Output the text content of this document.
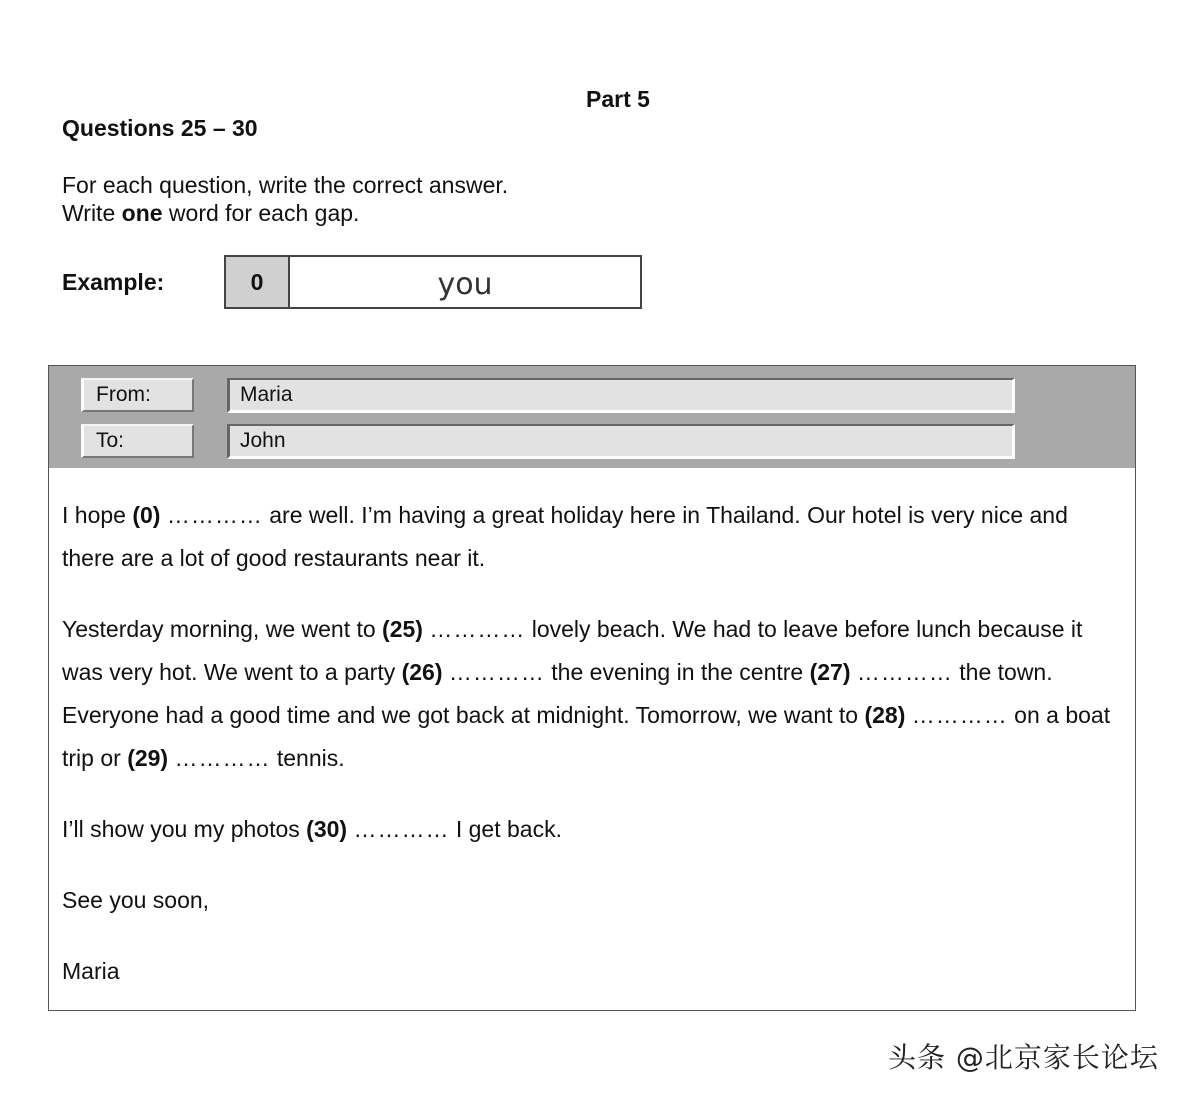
Part 5
Questions 25 – 30
For each question, write the correct answer.
Write one word for each gap.
Example:	0	you
From:	Maria
To:	John

I hope (0) ………… are well. I’m having a great holiday here in Thailand. Our hotel is very nice and there are a lot of good restaurants near it.

Yesterday morning, we went to (25) ………… lovely beach. We had to leave before lunch because it was very hot. We went to a party (26) ………… the evening in the centre (27) ………… the town. Everyone had a good time and we got back at midnight. Tomorrow, we want to (28) ………… on a boat trip or (29) ………… tennis.

I’ll show you my photos (30) ………… I get back.

See you soon,

Maria

头条 @北京家长论坛
